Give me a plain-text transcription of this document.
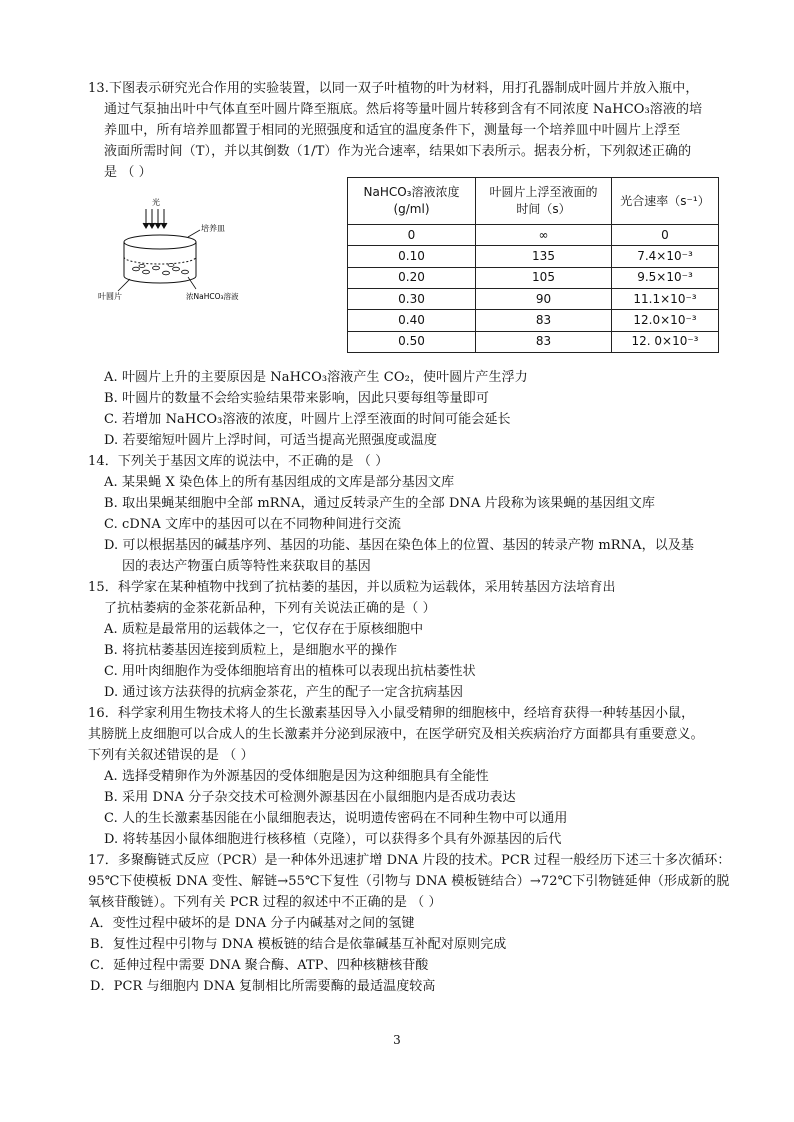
13.下图表示研究光合作用的实验装置，以同一双子叶植物的叶为材料，用打孔器制成叶圆片并放入瓶中，
通过气泵抽出叶中气体直至叶圆片降至瓶底。然后将等量叶圆片转移到含有不同浓度 NaHCO₃溶液的培
养皿中，所有培养皿都置于相同的光照强度和适宜的温度条件下，测量每一个培养皿中叶圆片上浮至
液面所需时间（T），并以其倒数（1/T）作为光合速率，结果如下表所示。据表分析，下列叙述正确的
是 （ ）
光
培养皿
叶圆片	浓NaHCO₃溶液
NaHCO₃溶液浓度
(g/ml)	叶圆片上浮至液面的
时间（s）	光合速率（s⁻¹）
0	∞	0
0.10	135	7.4×10⁻³
0.20	105	9.5×10⁻³
0.30	90	11.1×10⁻³
0.40	83	12.0×10⁻³
0.50	83	12. 0×10⁻³
A. 叶圆片上升的主要原因是 NaHCO₃溶液产生 CO₂，使叶圆片产生浮力
B. 叶圆片的数量不会给实验结果带来影响，因此只要每组等量即可
C. 若增加 NaHCO₃溶液的浓度，叶圆片上浮至液面的时间可能会延长
D. 若要缩短叶圆片上浮时间，可适当提高光照强度或温度
14．下列关于基因文库的说法中，不正确的是 （ ）
A. 某果蝇 X 染色体上的所有基因组成的文库是部分基因文库
B. 取出果蝇某细胞中全部 mRNA，通过反转录产生的全部 DNA 片段称为该果蝇的基因组文库
C. cDNA 文库中的基因可以在不同物种间进行交流
D. 可以根据基因的碱基序列、基因的功能、基因在染色体上的位置、基因的转录产物 mRNA，以及基
因的表达产物蛋白质等特性来获取目的基因
15．科学家在某种植物中找到了抗枯萎的基因，并以质粒为运载体，采用转基因方法培育出
了抗枯萎病的金茶花新品种，下列有关说法正确的是（ ）
A. 质粒是最常用的运载体之一，它仅存在于原核细胞中
B. 将抗枯萎基因连接到质粒上，是细胞水平的操作
C. 用叶肉细胞作为受体细胞培育出的植株可以表现出抗枯萎性状
D. 通过该方法获得的抗病金茶花，产生的配子一定含抗病基因
16．科学家利用生物技术将人的生长激素基因导入小鼠受精卵的细胞核中，经培育获得一种转基因小鼠，
其膀胱上皮细胞可以合成人的生长激素并分泌到尿液中，在医学研究及相关疾病治疗方面都具有重要意义。
下列有关叙述错误的是 （ ）
A. 选择受精卵作为外源基因的受体细胞是因为这种细胞具有全能性
B. 采用 DNA 分子杂交技术可检测外源基因在小鼠细胞内是否成功表达
C. 人的生长激素基因能在小鼠细胞表达，说明遗传密码在不同种生物中可以通用
D. 将转基因小鼠体细胞进行核移植（克隆），可以获得多个具有外源基因的后代
17．多聚酶链式反应（PCR）是一种体外迅速扩增 DNA 片段的技术。PCR 过程一般经历下述三十多次循环：
95℃下使模板 DNA 变性、解链→55℃下复性（引物与 DNA 模板链结合）→72℃下引物链延伸（形成新的脱
氧核苷酸链）。下列有关 PCR 过程的叙述中不正确的是 （ ）
A．变性过程中破坏的是 DNA 分子内碱基对之间的氢键
B．复性过程中引物与 DNA 模板链的结合是依靠碱基互补配对原则完成
C．延伸过程中需要 DNA 聚合酶、ATP、四种核糖核苷酸
D．PCR 与细胞内 DNA 复制相比所需要酶的最适温度较高
3
